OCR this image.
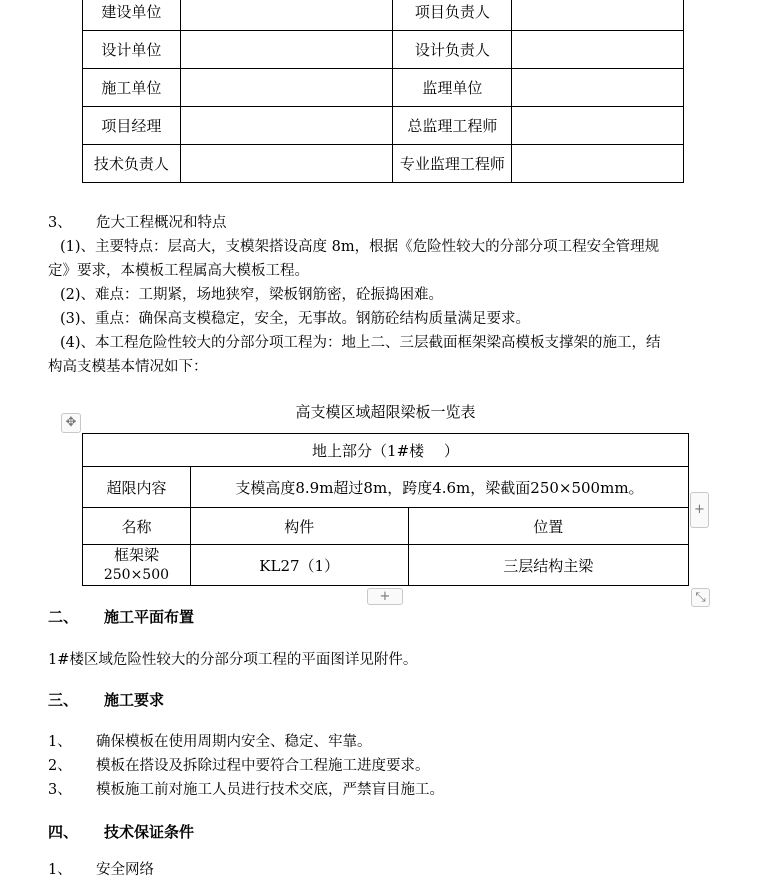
建设单位		项目负责人	
设计单位		设计负责人	
施工单位		监理单位	
项目经理		总监理工程师	
技术负责人		专业监理工程师	
3、 危大工程概况和特点
(1)、主要特点：层高大，支模架搭设高度 8m，根据《危险性较大的分部分项工程安全管理规
定》要求，本模板工程属高大模板工程。
(2)、难点：工期紧，场地狭窄，梁板钢筋密，砼振捣困难。
(3)、重点：确保高支模稳定，安全，无事故。钢筋砼结构质量满足要求。
(4)、本工程危险性较大的分部分项工程为：地上二、三层截面框架梁高模板支撑架的施工，结
构高支模基本情况如下：
高支模区域超限梁板一览表
✥
地上部分（1#楼　 ）		
超限内容	支模高度8.9m超过8m，跨度4.6m，梁截面250×500mm。	
名称	构件	位置

框架梁
250×500	KL27（1）	三层结构主梁
+
+	⤡
二、 施工平面布置
1#楼区域危险性较大的分部分项工程的平面图详见附件。
三、 施工要求
1、 确保模板在使用周期内安全、稳定、牢靠。
2、 模板在搭设及拆除过程中要符合工程施工进度要求。
3、 模板施工前对施工人员进行技术交底，严禁盲目施工。
四、 技术保证条件
1、 安全网络
